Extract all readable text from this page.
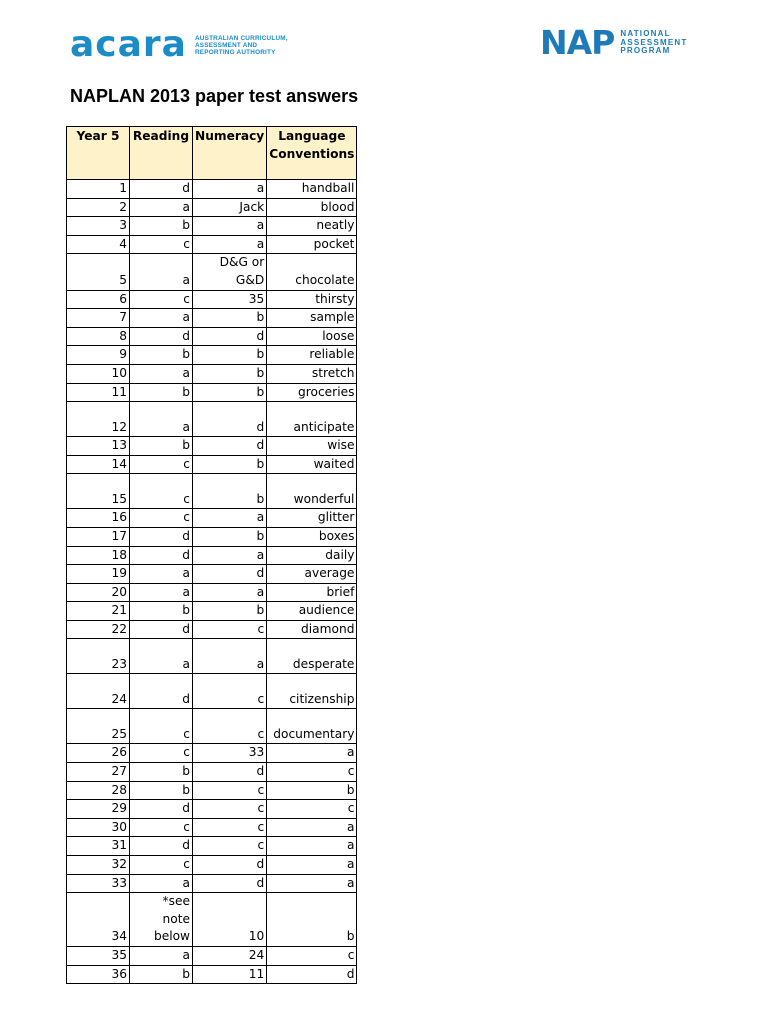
acara AUSTRALIAN CURRICULUM,
ASSESSMENT AND
REPORTING AUTHORITY	NAP NATIONAL
ASSESSMENT
PROGRAM
NAPLAN 2013 paper test answers
Year 5	Reading	Numeracy	Language Conventions
1	d	a	handball
2	a	Jack	blood
3	b	a	neatly
4	c	a	pocket
5	a	D&G or G&D	chocolate
6	c	35	thirsty
7	a	b	sample
8	d	d	loose
9	b	b	reliable
10	a	b	stretch
11	b	b	groceries
12	a	d	anticipate
13	b	d	wise
14	c	b	waited
15	c	b	wonderful
16	c	a	glitter
17	d	b	boxes
18	d	a	daily
19	a	d	average
20	a	a	brief
21	b	b	audience
22	d	c	diamond
23	a	a	desperate
24	d	c	citizenship
25	c	c	documentary
26	c	33	a
27	b	d	c
28	b	c	b
29	d	c	c
30	c	c	a
31	d	c	a
32	c	d	a
33	a	d	a
34	*see note below	10	b
35	a	24	c
36	b	11	d
